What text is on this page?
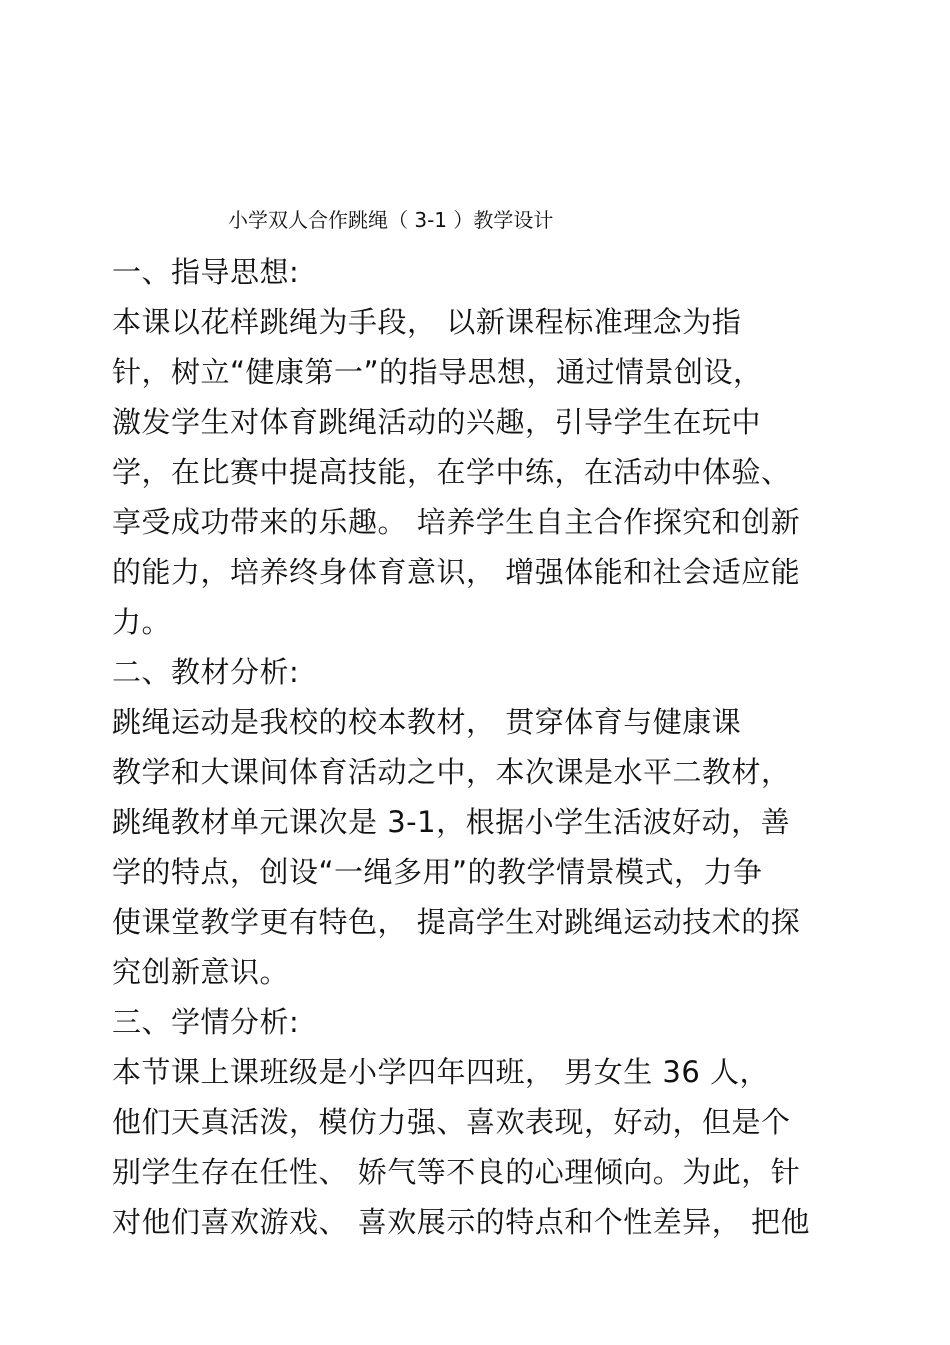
小学双人合作跳绳（ 3-1 ）教学设计
一、指导思想:
本课以花样跳绳为手段， 以新课程标准理念为指
针，树立“健康第一”的指导思想，通过情景创设，
激发学生对体育跳绳活动的兴趣，引导学生在玩中
学，在比赛中提高技能，在学中练，在活动中体验、
享受成功带来的乐趣。 培养学生自主合作探究和创新
的能力，培养终身体育意识， 增强体能和社会适应能
力。
二、教材分析:
跳绳运动是我校的校本教材， 贯穿体育与健康课
教学和大课间体育活动之中，本次课是水平二教材，
跳绳教材单元课次是 3-1，根据小学生活波好动，善
学的特点，创设“一绳多用”的教学情景模式，力争
使课堂教学更有特色， 提高学生对跳绳运动技术的探
究创新意识。
三、学情分析:
本节课上课班级是小学四年四班， 男女生 36 人，
他们天真活泼，模仿力强、喜欢表现，好动，但是个
别学生存在任性、 娇气等不良的心理倾向。为此，针
对他们喜欢游戏、 喜欢展示的特点和个性差异， 把他
